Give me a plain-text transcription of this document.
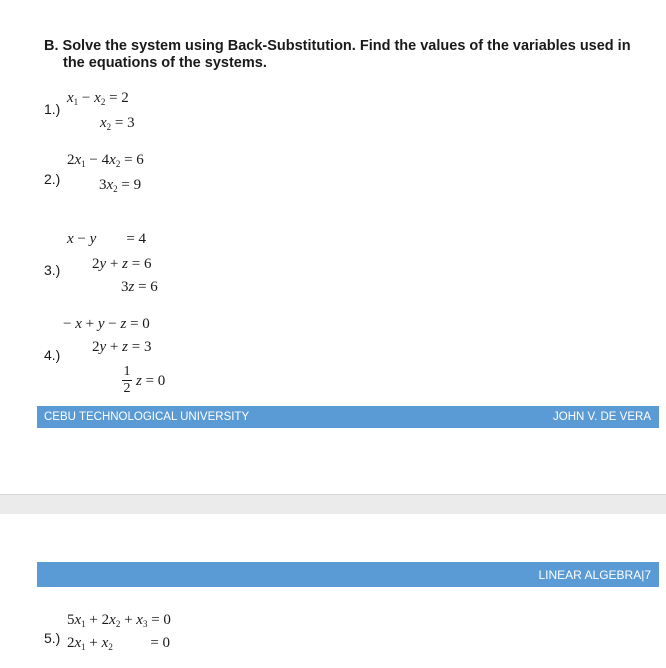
B. Solve the system using Back-Substitution. Find the values of the variables used in
the equations of the systems.
1.)
$x_1 - x_2 = 2$
$x_2 = 3$
2.)
$2x_1 - 4x_2 = 6$
$3x_2 = 9$
3.)
x − y        = 4
2y + z = 6
3z = 6
4.)
− x + y − z = 0
2y + z = 3
1
2 z = 0
CEBU TECHNOLOGICAL UNIVERSITY	JOHN V. DE VERA
LINEAR ALGEBRA|7
5.)
$5x_1 + 2x_2 + x_3 = 0$
$2x_1 + x_2$          = 0
